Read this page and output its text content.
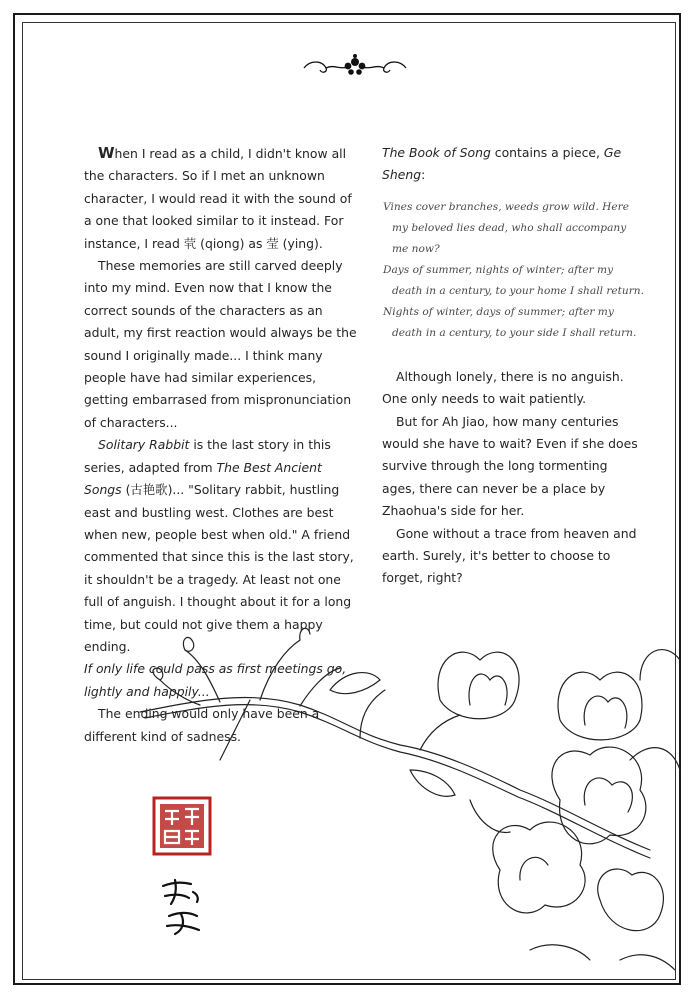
When I read as a child, I didn't know all the characters. So if I met an unknown character, I would read it with the sound of a one that looked similar to it instead. For instance, I read 茕 (qiong) as 莹 (ying).

These memories are still carved deeply into my mind. Even now that I know the correct sounds of the characters as an adult, my first reaction would always be the sound I originally made... I think many people have had similar experiences, getting embarrased from mispronunciation of characters...

Solitary Rabbit is the last story in this series, adapted from The Best Ancient Songs (古艳歌)... "Solitary rabbit, hustling east and bustling west. Clothes are best when new, people best when old." A friend commented that since this is the last story, it shouldn't be a tragedy. At least not one full of anguish. I thought about it for a long time, but could not give them a happy ending.
If only life could pass as first meetings go, lightly and happily...

The ending would only have been a different kind of sadness.

The Book of Song contains a piece, Ge Sheng:

Vines cover branches, weeds grow wild. Here my beloved lies dead, who shall accompany me now?

Days of summer, nights of winter; after my death in a century, to your home I shall return.

Nights of winter, days of summer; after my death in a century, to your side I shall return.

Although lonely, there is no anguish. One only needs to wait patiently.

But for Ah Jiao, how many centuries would she have to wait? Even if she does survive through the long tormenting ages, there can never be a place by Zhaohua's side for her.

Gone without a trace from heaven and earth. Surely, it's better to choose to forget, right?
